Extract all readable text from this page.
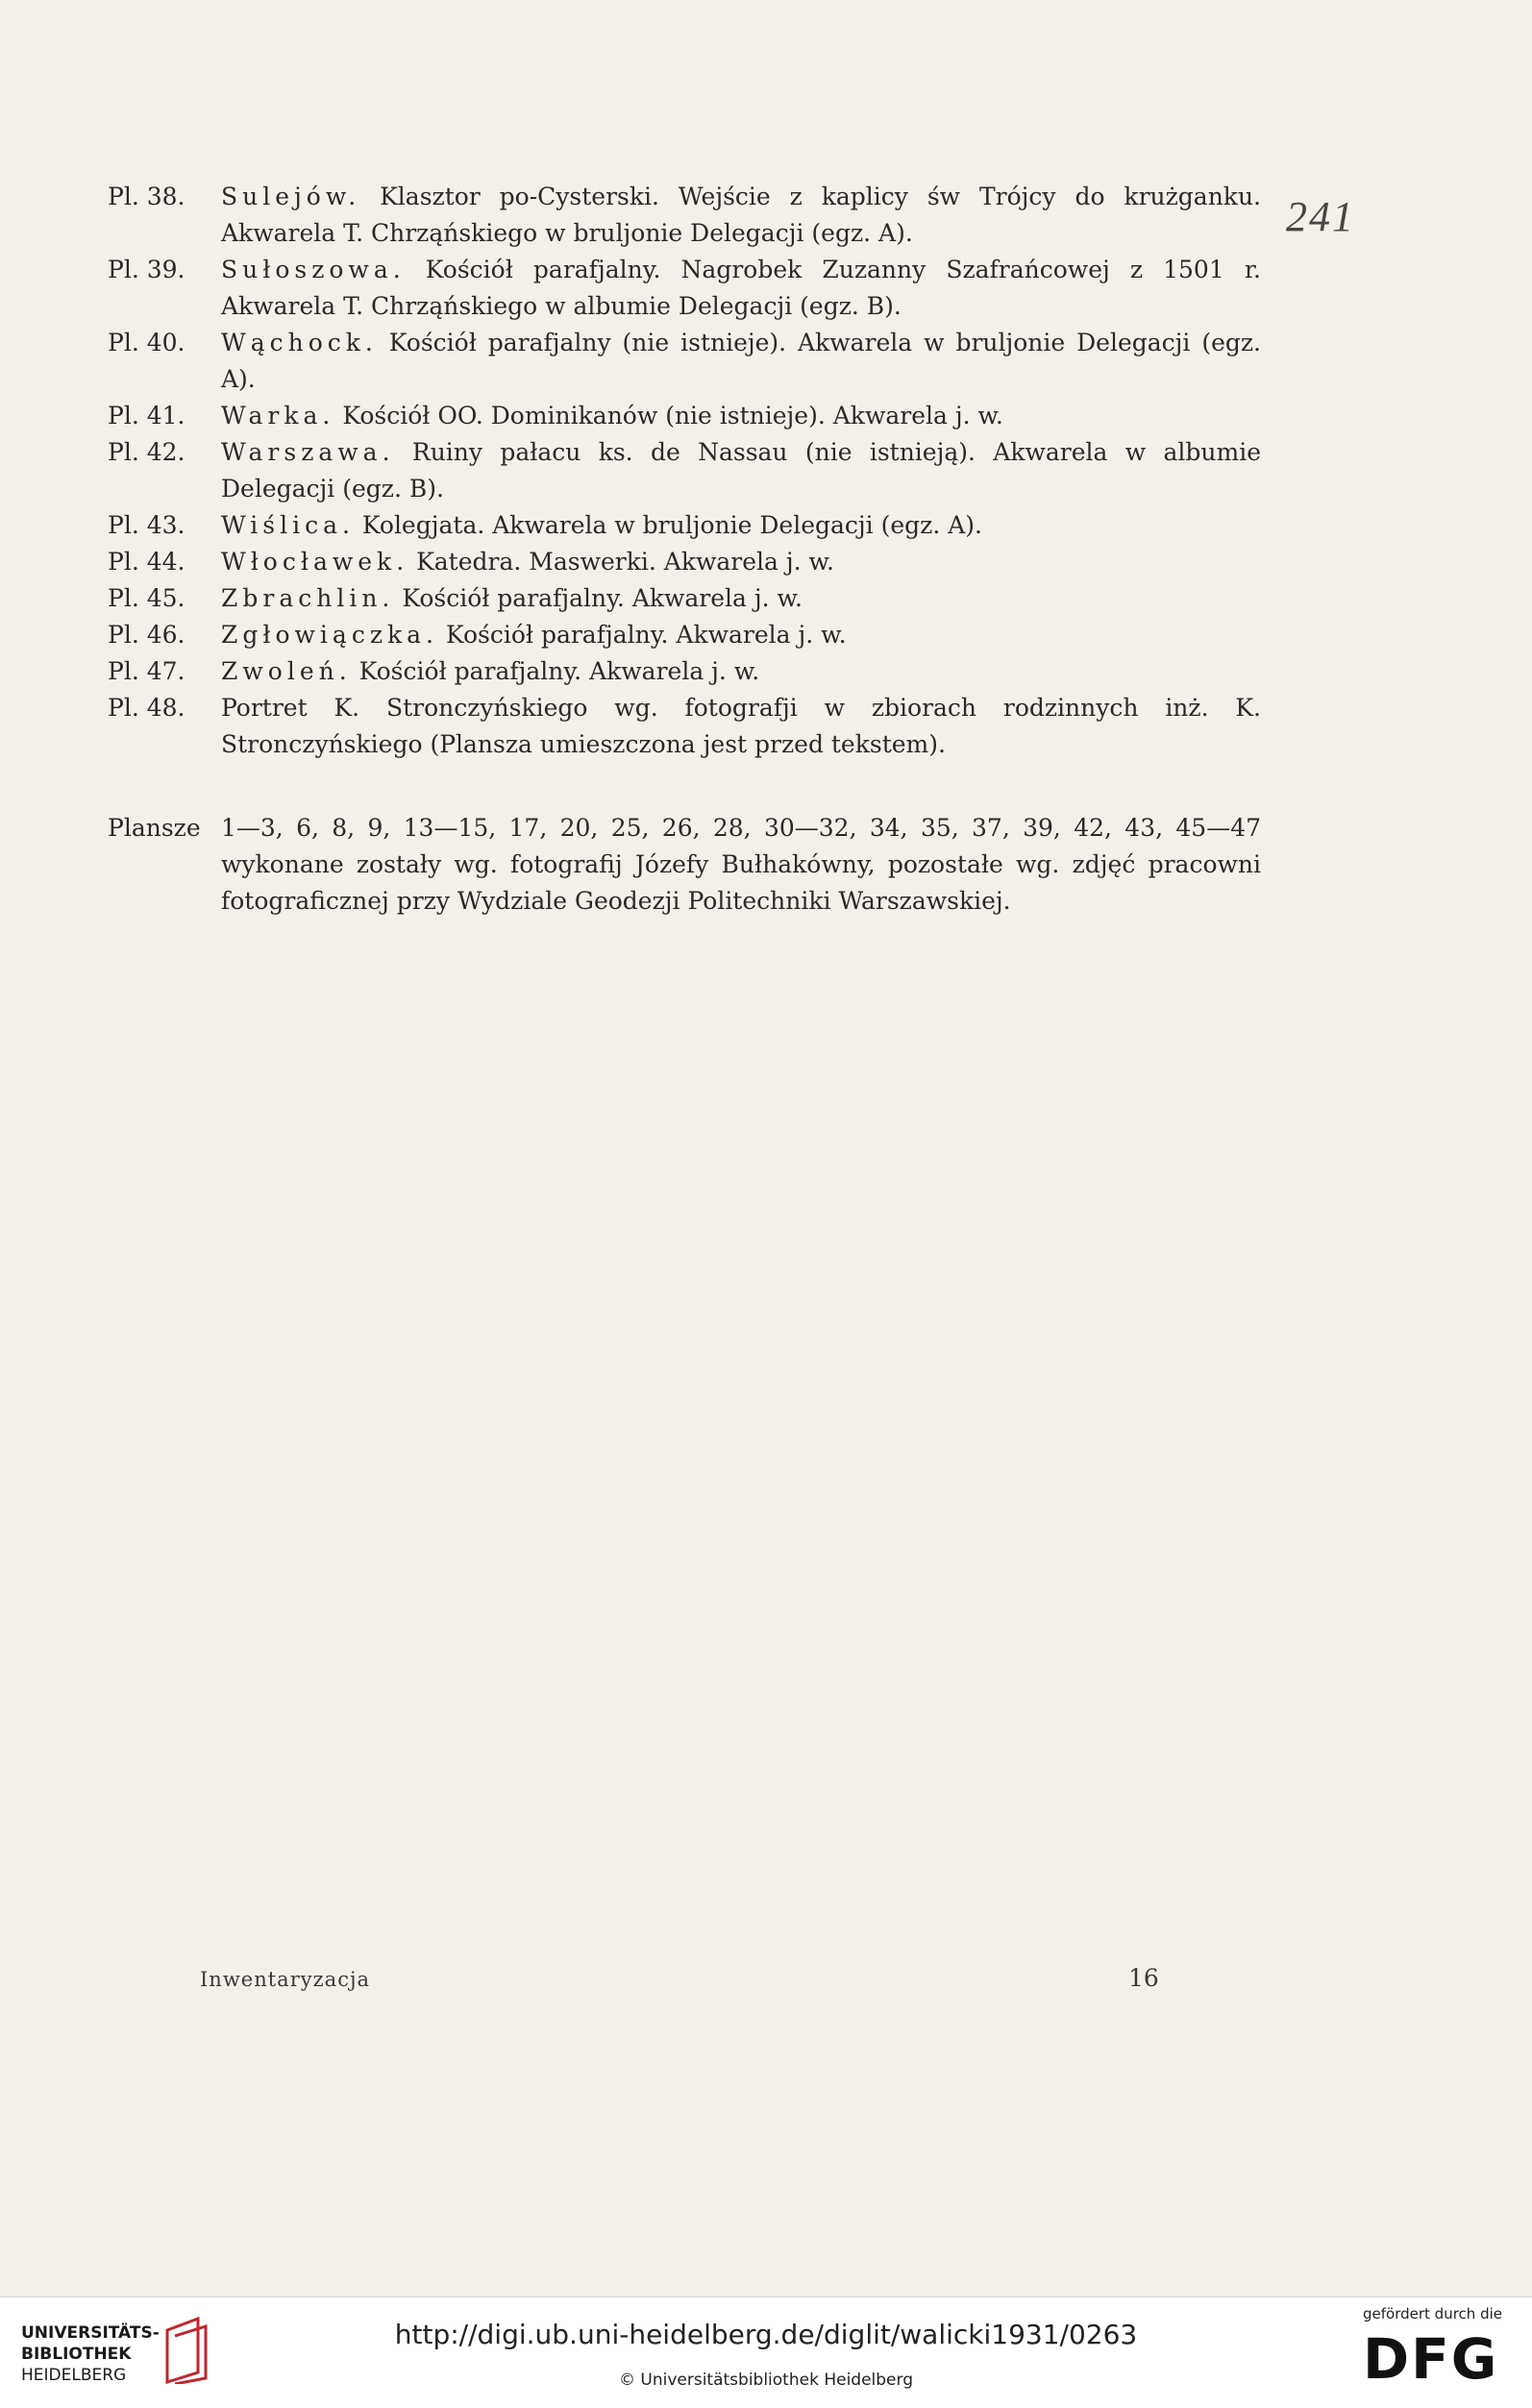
241
Pl. 38. Sulejów. Klasztor po-Cysterski. Wejście z kaplicy św Trójcy do krużganku. Akwarela T. Chrząńskiego w bruljonie Delegacji (egz. A).
Pl. 39. Sułoszowa. Kościół parafjalny. Nagrobek Zuzanny Szafrańcowej z 1501 r. Akwarela T. Chrząńskiego w albumie Delegacji (egz. B).
Pl. 40. Wąchock. Kościół parafjalny (nie istnieje). Akwarela w bruljonie Delegacji (egz. A).
Pl. 41. Warka. Kościół OO. Dominikanów (nie istnieje). Akwarela j. w.
Pl. 42. Warszawa. Ruiny pałacu ks. de Nassau (nie istnieją). Akwarela w albumie Delegacji (egz. B).
Pl. 43. Wiślica. Kolegjata. Akwarela w bruljonie Delegacji (egz. A).
Pl. 44. Włocławek. Katedra. Maswerki. Akwarela j. w.
Pl. 45. Zbrachlin. Kościół parafjalny. Akwarela j. w.
Pl. 46. Zgłowiączka. Kościół parafjalny. Akwarela j. w.
Pl. 47. Zwoleń. Kościół parafjalny. Akwarela j. w.
Pl. 48. Portret K. Stronczyńskiego wg. fotografji w zbiorach rodzinnych inż. K. Stronczyńskiego (Plansza umieszczona jest przed tekstem).
Plansze 1—3, 6, 8, 9, 13—15, 17, 20, 25, 26, 28, 30—32, 34, 35, 37, 39, 42, 43, 45—47 wykonane zostały wg. fotografij Józefy Bułhakówny, pozostałe wg. zdjęć pracowni fotograficznej przy Wydziale Geodezji Politechniki Warszawskiej.
Inwentaryzacja	16
UNIVERSITÄTS-
BIBLIOTHEK
HEIDELBERG
http://digi.ub.uni-heidelberg.de/diglit/walicki1931/0263
© Universitätsbibliothek Heidelberg
gefördert durch die
DFG
